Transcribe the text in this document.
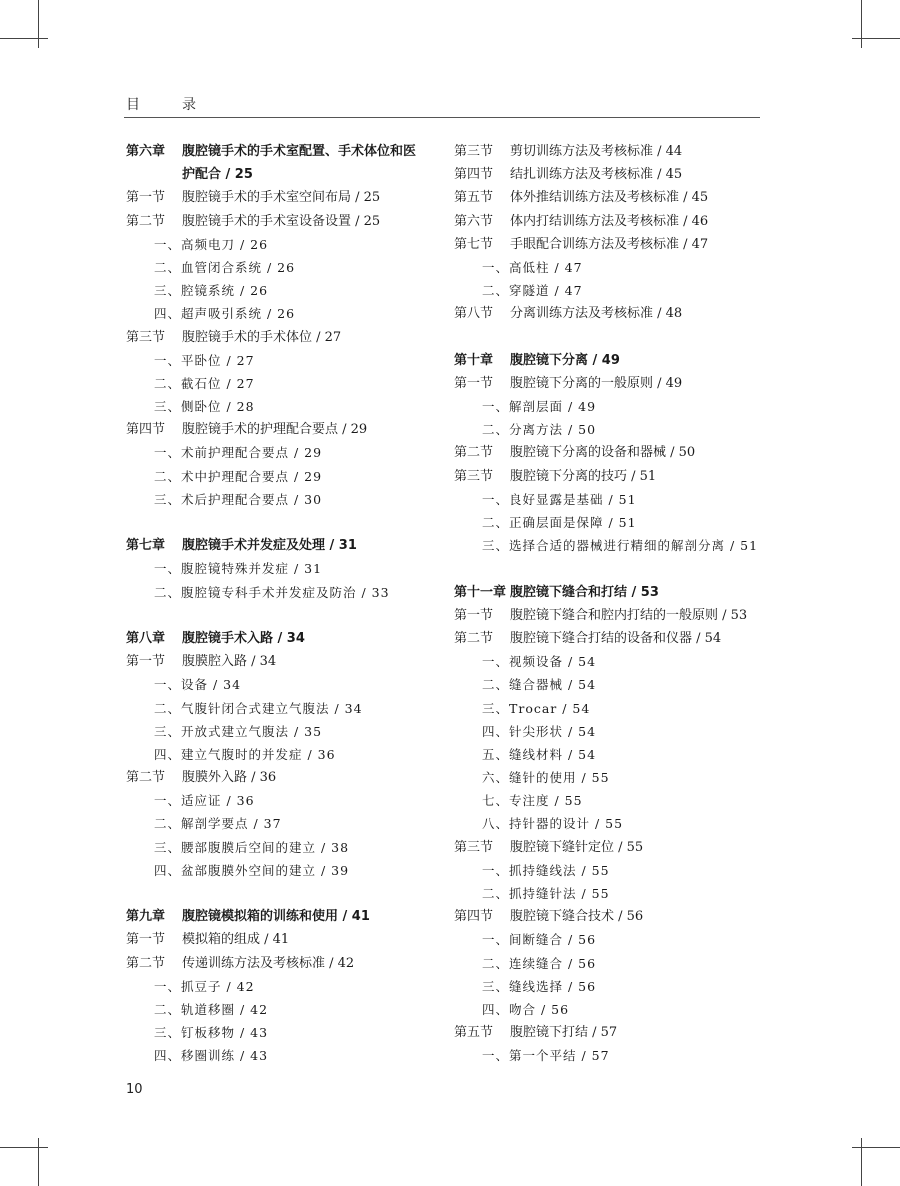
目　录
第六章 腹腔镜手术的手术室配置、手术体位和医护配合 / 25
第一节 腹腔镜手术的手术室空间布局 / 25
第二节 腹腔镜手术的手术室设备设置 / 25
一、高频电刀 / 26
二、血管闭合系统 / 26
三、腔镜系统 / 26
四、超声吸引系统 / 26
第三节 腹腔镜手术的手术体位 / 27
一、平卧位 / 27
二、截石位 / 27
三、侧卧位 / 28
第四节 腹腔镜手术的护理配合要点 / 29
一、术前护理配合要点 / 29
二、术中护理配合要点 / 29
三、术后护理配合要点 / 30
第七章 腹腔镜手术并发症及处理 / 31
一、腹腔镜特殊并发症 / 31
二、腹腔镜专科手术并发症及防治 / 33
第八章 腹腔镜手术入路 / 34
第一节 腹膜腔入路 / 34
一、设备 / 34
二、气腹针闭合式建立气腹法 / 34
三、开放式建立气腹法 / 35
四、建立气腹时的并发症 / 36
第二节 腹膜外入路 / 36
一、适应证 / 36
二、解剖学要点 / 37
三、腰部腹膜后空间的建立 / 38
四、盆部腹膜外空间的建立 / 39
第九章 腹腔镜模拟箱的训练和使用 / 41
第一节 模拟箱的组成 / 41
第二节 传递训练方法及考核标准 / 42
一、抓豆子 / 42
二、轨道移圈 / 42
三、钉板移物 / 43
四、移圈训练 / 43
第三节 剪切训练方法及考核标准 / 44
第四节 结扎训练方法及考核标准 / 45
第五节 体外推结训练方法及考核标准 / 45
第六节 体内打结训练方法及考核标准 / 46
第七节 手眼配合训练方法及考核标准 / 47
一、高低柱 / 47
二、穿隧道 / 47
第八节 分离训练方法及考核标准 / 48
第十章 腹腔镜下分离 / 49
第一节 腹腔镜下分离的一般原则 / 49
一、解剖层面 / 49
二、分离方法 / 50
第二节 腹腔镜下分离的设备和器械 / 50
第三节 腹腔镜下分离的技巧 / 51
一、良好显露是基础 / 51
二、正确层面是保障 / 51
三、选择合适的器械进行精细的解剖分离 / 51
第十一章 腹腔镜下缝合和打结 / 53
第一节 腹腔镜下缝合和腔内打结的一般原则 / 53
第二节 腹腔镜下缝合打结的设备和仪器 / 54
一、视频设备 / 54
二、缝合器械 / 54
三、Trocar / 54
四、针尖形状 / 54
五、缝线材料 / 54
六、缝针的使用 / 55
七、专注度 / 55
八、持针器的设计 / 55
第三节 腹腔镜下缝针定位 / 55
一、抓持缝线法 / 55
二、抓持缝针法 / 55
第四节 腹腔镜下缝合技术 / 56
一、间断缝合 / 56
二、连续缝合 / 56
三、缝线选择 / 56
四、吻合 / 56
第五节 腹腔镜下打结 / 57
一、第一个平结 / 57
10
